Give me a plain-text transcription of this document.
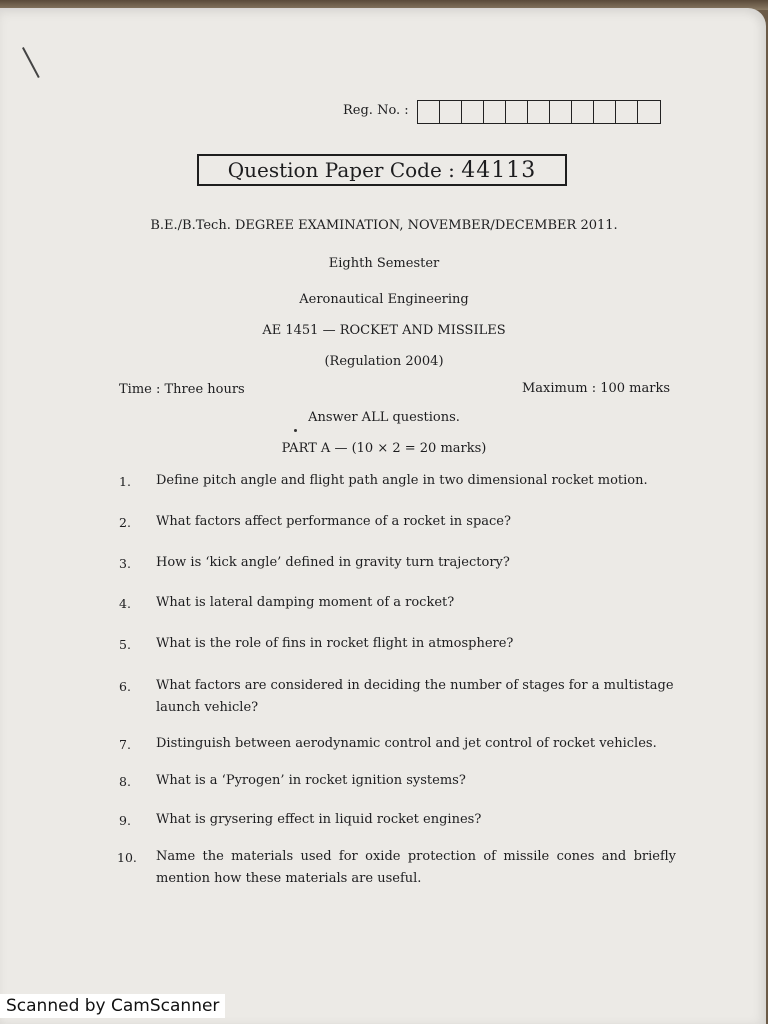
Reg. No. :
Question Paper Code : 44113
B.E./B.Tech. DEGREE EXAMINATION, NOVEMBER/DECEMBER 2011.
Eighth Semester
Aeronautical Engineering
AE 1451 — ROCKET AND MISSILES
(Regulation 2004)
Time : Three hours	Maximum : 100 marks
Answer ALL questions.
PART A — (10 × 2 = 20 marks)
1. Define pitch angle and flight path angle in two dimensional rocket motion.
2. What factors affect performance of a rocket in space?
3. How is ‘kick angle’ defined in gravity turn trajectory?
4. What is lateral damping moment of a rocket?
5. What is the role of fins in rocket flight in atmosphere?
6. What factors are considered in deciding the number of stages for a multistage launch vehicle?
7. Distinguish between aerodynamic control and jet control of rocket vehicles.
8. What is a ‘Pyrogen’ in rocket ignition systems?
9. What is grysering effect in liquid rocket engines?
10. Name the materials used for oxide protection of missile cones and briefly mention how these materials are useful.
Scanned by CamScanner
